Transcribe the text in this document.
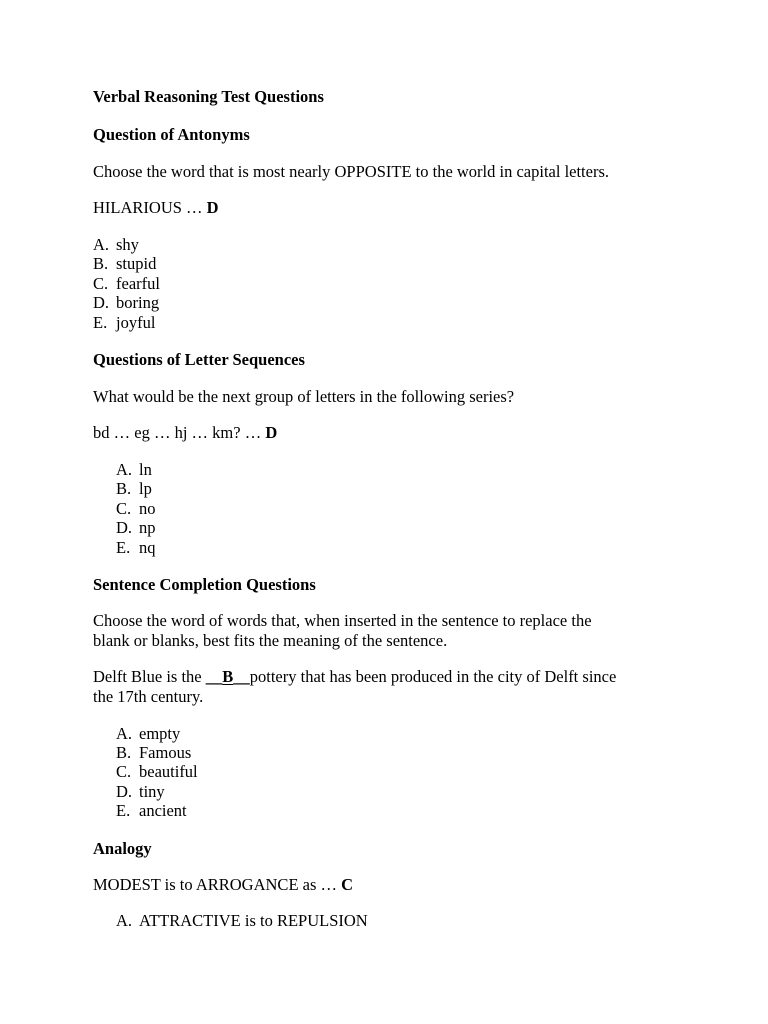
Verbal Reasoning Test Questions
Question of Antonyms
Choose the word that is most nearly OPPOSITE to the world in capital letters.
HILARIOUS … D
A. shy
B. stupid
C. fearful
D. boring
E. joyful
Questions of Letter Sequences
What would be the next group of letters in the following series?
bd … eg … hj … km? … D
A. ln
B. lp
C. no
D. np
E. nq
Sentence Completion Questions
Choose the word of words that, when inserted in the sentence to replace the
blank or blanks, best fits the meaning of the sentence.
Delft Blue is the __B__pottery that has been produced in the city of Delft since
the 17th century.
A. empty
B. Famous
C. beautiful
D. tiny
E. ancient
Analogy
MODEST is to ARROGANCE as … C
A. ATTRACTIVE is to REPULSION
